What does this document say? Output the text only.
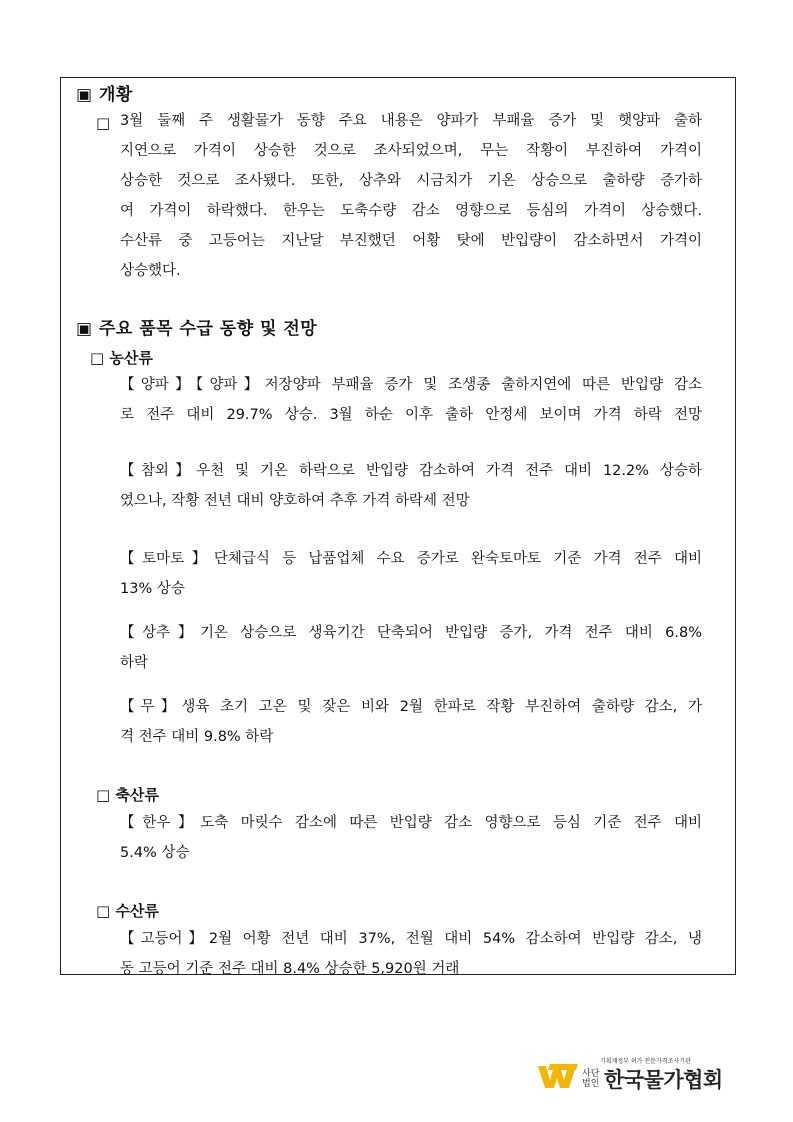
▣ 개황
□ 3월 둘째 주 생활물가 동향 주요 내용은 양파가 부패율 증가 및 햇양파 출하
지연으로 가격이 상승한 것으로 조사되었으며, 무는 작황이 부진하여 가격이
상승한 것으로 조사됐다. 또한, 상추와 시금치가 기온 상승으로 출하량 증가하
여 가격이 하락했다. 한우는 도축수량 감소 영향으로 등심의 가격이 상승했다.
수산류 중 고등어는 지난달 부진했던 어황 탓에 반입량이 감소하면서 가격이
상승했다.
▣ 주요 품목 수급 동향 및 전망
□ 농산류
【양파】【양파】저장양파 부패율 증가 및 조생종 출하지연에 따른 반입량 감소
로 전주 대비 29.7% 상승. 3월 하순 이후 출하 안정세 보이며 가격 하락 전망
【참외】우천 및 기온 하락으로 반입량 감소하여 가격 전주 대비 12.2% 상승하
였으나, 작황 전년 대비 양호하여 추후 가격 하락세 전망
【토마토】단체급식 등 납품업체 수요 증가로 완숙토마토 기준 가격 전주 대비
13% 상승
【상추】기온 상승으로 생육기간 단축되어 반입량 증가, 가격 전주 대비 6.8%
하락
【무】생육 초기 고온 및 잦은 비와 2월 한파로 작황 부진하여 출하량 감소, 가
격 전주 대비 9.8% 하락
□ 축산류
【한우】도축 마릿수 감소에 따른 반입량 감소 영향으로 등심 기준 전주 대비
5.4% 상승
□ 수산류
【고등어】2월 어황 전년 대비 37%, 전월 대비 54% 감소하여 반입량 감소, 냉
동 고등어 기준 전주 대비 8.4% 상승한 5,920원 거래
기획재정부 허가 전문가격조사기관
사단법인 한국물가협회
